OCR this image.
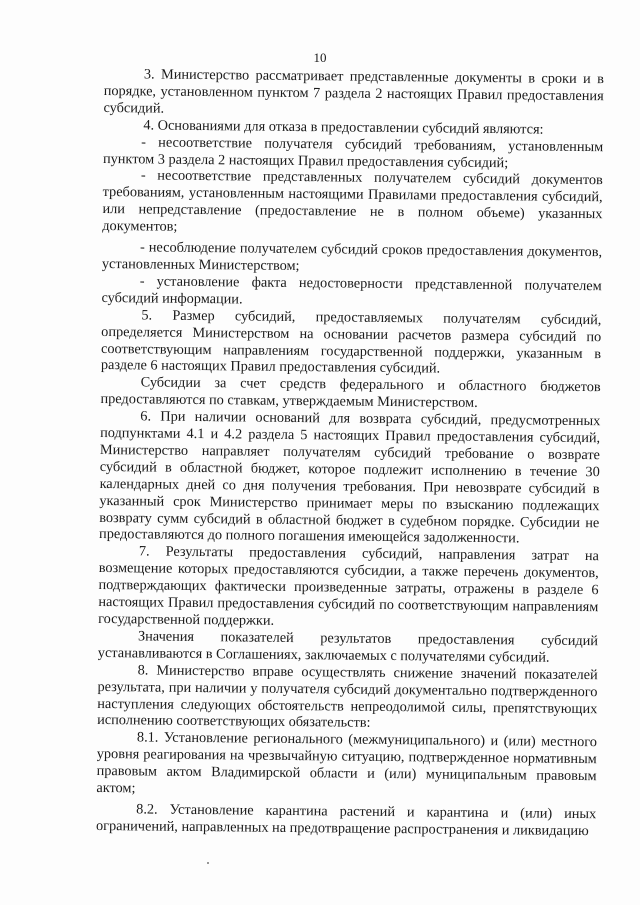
10

3. Министерство рассматривает представленные документы в сроки и в порядке, установленном пунктом 7 раздела 2 настоящих Правил предоставления субсидий.

4. Основаниями для отказа в предоставлении субсидий являются:

- несоответствие получателя субсидий требованиям, установленным пунктом 3 раздела 2 настоящих Правил предоставления субсидий;

- несоответствие представленных получателем субсидий документов требованиям, установленным настоящими Правилами предоставления субсидий, или непредставление (предоставление не в полном объеме) указанных документов;

- несоблюдение получателем субсидий сроков предоставления документов, установленных Министерством;

- установление факта недостоверности представленной получателем субсидий информации.

5. Размер субсидий, предоставляемых получателям субсидий, определяется Министерством на основании расчетов размера субсидий по соответствующим направлениям государственной поддержки, указанным в разделе 6 настоящих Правил предоставления субсидий.

Субсидии за счет средств федерального и областного бюджетов предоставляются по ставкам, утверждаемым Министерством.

6. При наличии оснований для возврата субсидий, предусмотренных подпунктами 4.1 и 4.2 раздела 5 настоящих Правил предоставления субсидий, Министерство направляет получателям субсидий требование о возврате субсидий в областной бюджет, которое подлежит исполнению в течение 30 календарных дней со дня получения требования. При невозврате субсидий в указанный срок Министерство принимает меры по взысканию подлежащих возврату сумм субсидий в областной бюджет в судебном порядке. Субсидии не предоставляются до полного погашения имеющейся задолженности.

7. Результаты предоставления субсидий, направления затрат на возмещение которых предоставляются субсидии, а также перечень документов, подтверждающих фактически произведенные затраты, отражены в разделе 6 настоящих Правил предоставления субсидий по соответствующим направлениям государственной поддержки.

Значения показателей результатов предоставления субсидий устанавливаются в Соглашениях, заключаемых с получателями субсидий.

8. Министерство вправе осуществлять снижение значений показателей результата, при наличии у получателя субсидий документально подтвержденного наступления следующих обстоятельств непреодолимой силы, препятствующих исполнению соответствующих обязательств:

8.1. Установление регионального (межмуниципального) и (или) местного уровня реагирования на чрезвычайную ситуацию, подтвержденное нормативным правовым актом Владимирской области и (или) муниципальным правовым актом;

8.2. Установление карантина растений и карантина и (или) иных ограничений, направленных на предотвращение распространения и ликвидацию
